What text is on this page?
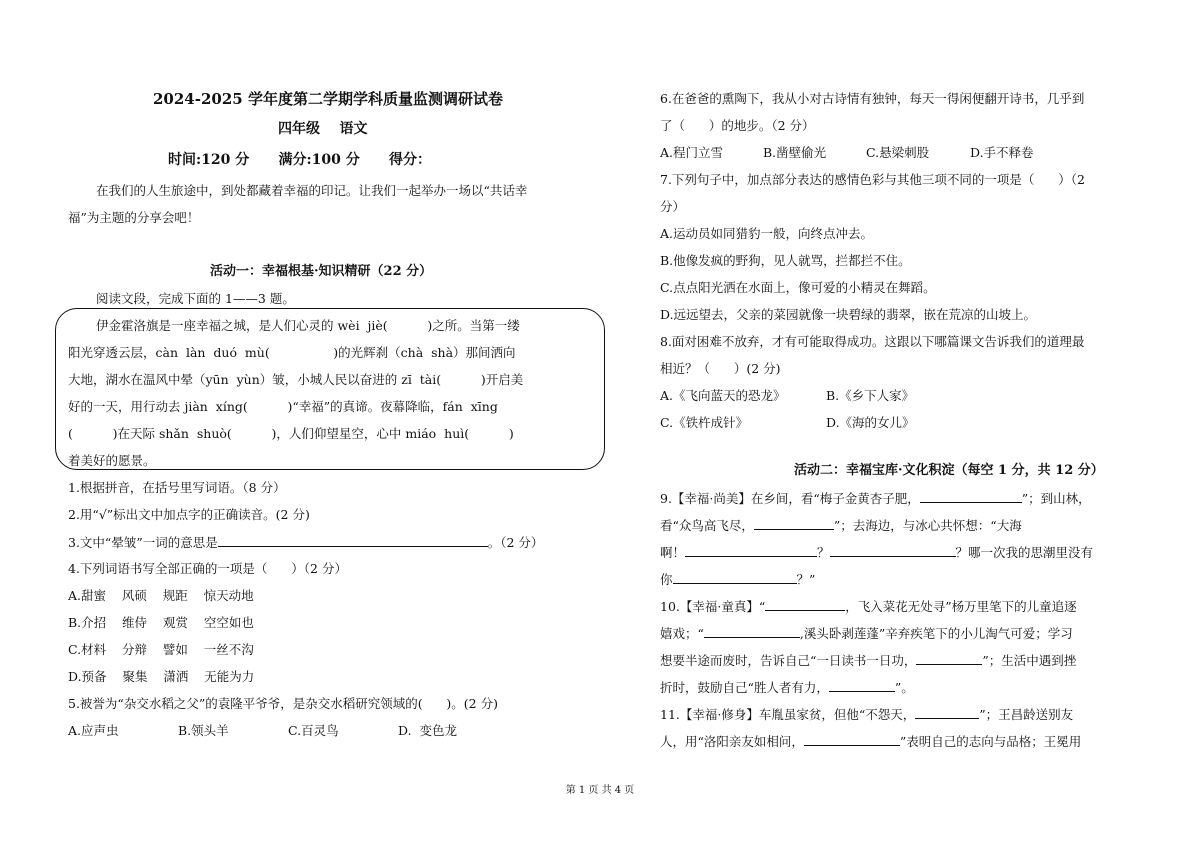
2024-2025 学年度第二学期学科质量监测调研试卷
四年级    语文
时间:120 分      满分:100 分      得分：
在我们的人生旅途中，到处都藏着幸福的印记。让我们一起举办一场以“共话幸
福”为主题的分享会吧！
活动一：幸福根基·知识精研（22 分）
阅读文段，完成下面的 1——3 题。
伊金霍洛旗是一座幸福之城，是人们心灵的 wèi  jiè(          )之所。当第一缕
阳光穿透云层，càn  làn  duó  mù(                )的光辉刹（chà  shà）那间洒向
大地，湖水在温风中晕（yūn  yùn）皱，小城人民以奋进的 zī  tài(          )开启美
好的一天，用行动去 jiàn  xíng(          )“幸福”的真谛。夜幕降临，fán  xīng
(          )在天际 shǎn  shuò(          )，人们仰望星空，心中 miáo  huì(          )
着美好的愿景。
1.根据拼音，在括号里写词语。（8 分）
2.用“√”标出文中加点字的正确读音。(2 分)
3.文中“晕皱”一词的意思是	。（2 分）
4.下列词语书写全部正确的一项是（      ）（2 分）
A.甜蜜    风硕    规距    惊天动地
B.介招    维侍    观赏    空空如也
C.材料    分辩    譬如    一丝不沟
D.预备    聚集    潇洒    无能为力
5.被誉为“杂交水稻之父”的袁隆平爷爷，是杂交水稻研究领域的(      )。(2 分)
A.应声虫	B.领头羊	C.百灵鸟	D.  变色龙
6.在爸爸的熏陶下，我从小对古诗情有独钟，每天一得闲便翻开诗书，几乎到
了（      ）的地步。（2 分）
A.程门立雪	B.凿壁偷光	C.悬梁刺股	D.手不释卷
7.下列句子中，加点部分表达的感情色彩与其他三项不同的一项是（      ）（2
分）
A.运动员如同猎豹一般，向终点冲去。
B.他像发疯的野狗，见人就骂，拦都拦不住。
C.点点阳光洒在水面上，像可爱的小精灵在舞蹈。
D.远远望去，父亲的菜园就像一块碧绿的翡翠，嵌在荒凉的山坡上。
8.面对困难不放弃，才有可能取得成功。这跟以下哪篇课文告诉我们的道理最
相近？（      ）(2 分)
A.《飞向蓝天的恐龙》	B.《乡下人家》
C.《铁杵成针》	D.《海的女儿》
活动二：幸福宝库·文化积淀（每空 1 分，共 12 分）
9.【幸福·尚美】在乡间，看“梅子金黄杏子肥，	”；到山林，
看“众鸟高飞尽，	”；去海边，与冰心共怀想：“大海
啊！	？	？哪一次我的思潮里没有
你	？”
10.【幸福·童真】“	，飞入菜花无处寻”杨万里笔下的儿童追逐
嬉戏；“	,溪头卧剥莲蓬”辛弃疾笔下的小儿淘气可爱；学习
想要半途而废时，告诉自己“一日读书一日功，	”；生活中遇到挫
折时，鼓励自己“胜人者有力，	”。
11.【幸福·修身】车胤虽家贫，但他“不怨天，	”；王昌龄送别友
人，用“洛阳亲友如相问，	”表明自己的志向与品格；王冕用
第 1 页 共 4 页
